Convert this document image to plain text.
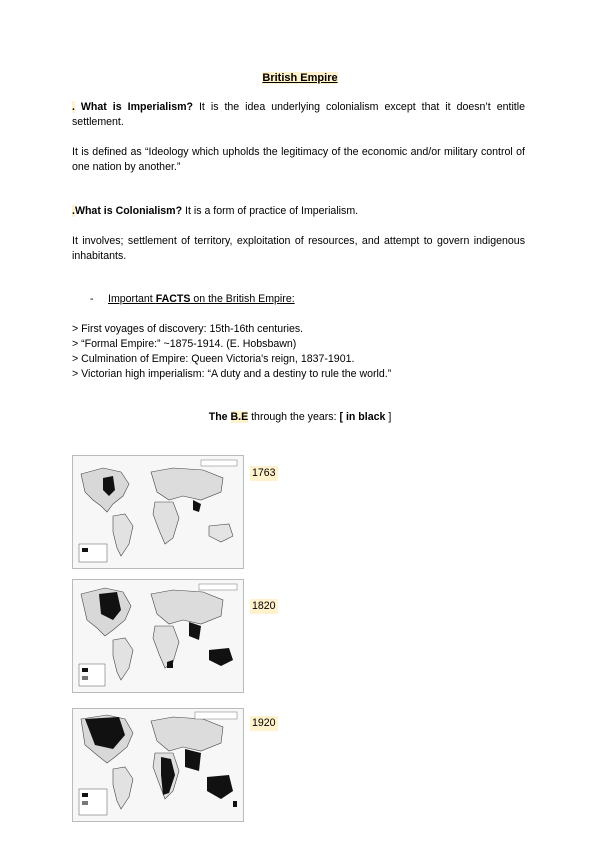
British Empire
. What is Imperialism? It is the idea underlying colonialism except that it doesn’t entitle settlement.
It is defined as “Ideology which upholds the legitimacy of the economic and/or military control of one nation by another.”
.What is Colonialism? It is a form of practice of Imperialism.
It involves; settlement of territory, exploitation of resources, and attempt to govern indigenous inhabitants.
- Important FACTS on the British Empire:
> First voyages of discovery: 15th-16th centuries.
> “Formal Empire:” ~1875-1914. (E. Hobsbawn)
> Culmination of Empire: Queen Victoria's reign, 1837-1901.
> Victorian high imperialism: “A duty and a destiny to rule the world.”
The B.E through the years: [ in black ]
1763
1820
1920
